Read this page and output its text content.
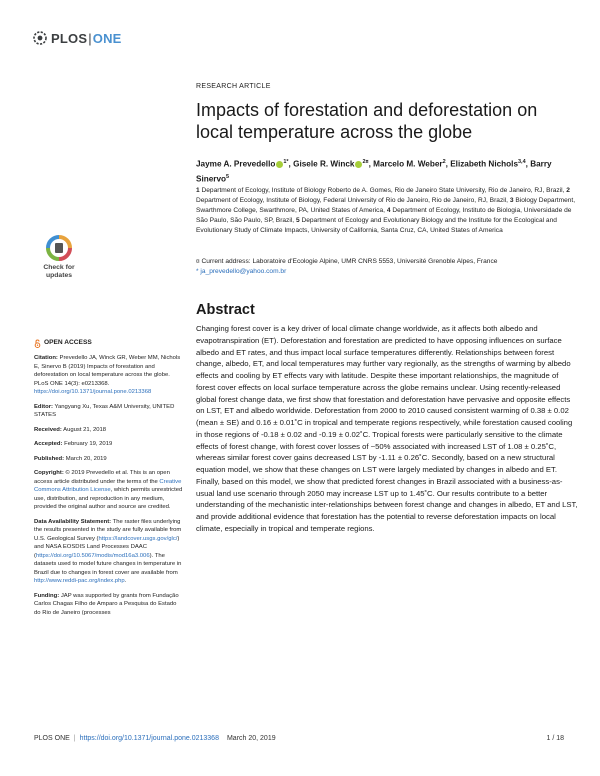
PLOS|ONE
RESEARCH ARTICLE
Impacts of forestation and deforestation on local temperature across the globe
Jayme A. Prevedello $^{1*}$, Gisele R. Winck $^{2¤}$, Marcelo M. Weber$^2$, Elizabeth Nichols$^{3,4}$, Barry Sinervo$^5$
1 Department of Ecology, Institute of Biology Roberto de A. Gomes, Rio de Janeiro State University, Rio de Janeiro, RJ, Brazil, 2 Department of Ecology, Institute of Biology, Federal University of Rio de Janeiro, Rio de Janeiro, RJ, Brazil, 3 Biology Department, Swarthmore College, Swarthmore, PA, United States of America, 4 Department of Ecology, Instituto de Biologia, Universidade de São Paulo, São Paulo, SP, Brazil, 5 Department of Ecology and Evolutionary Biology and the Institute for the Ecological and Evolutionary Study of Climate Impacts, University of California, Santa Cruz, CA, United States of America
¤ Current address: Laboratoire d'Ecologie Alpine, UMR CNRS 5553, Université Grenoble Alpes, France
* ja_prevedello@yahoo.com.br
Check for
updates
OPEN ACCESS
Citation: Prevedello JA, Winck GR, Weber MM, Nichols E, Sinervo B (2019) Impacts of forestation and deforestation on local temperature across the globe. PLoS ONE 14(3): e0213368. https://doi.org/10.1371/journal.pone.0213368
Editor: Yangyang Xu, Texas A&M University, UNITED STATES
Received: August 21, 2018
Accepted: February 19, 2019
Published: March 20, 2019
Copyright: © 2019 Prevedello et al. This is an open access article distributed under the terms of the Creative Commons Attribution License, which permits unrestricted use, distribution, and reproduction in any medium, provided the original author and source are credited.
Data Availability Statement: The raster files underlying the results presented in the study are fully available from U.S. Geological Survey (https://landcover.usgs.gov/glc/) and NASA EOSDIS Land Processes DAAC (https://doi.org/10.5067/modis/mod16a3.006). The datasets used to model future changes in temperature in Brazil due to changes in forest cover are available from http://www.reddi-pac.org/index.php.
Funding: JAP was supported by grants from Fundação Carlos Chagas Filho de Amparo a Pesquisa do Estado do Rio de Janeiro (processes
Abstract

Changing forest cover is a key driver of local climate change worldwide, as it affects both albedo and evapotranspiration (ET). Deforestation and forestation are predicted to have opposing influences on surface albedo and ET rates, and thus impact local surface temperatures differently. Relationships between forest change, albedo, ET, and local temperatures may further vary regionally, as the strengths of warming by albedo effects and cooling by ET effects vary with latitude. Despite these important relationships, the magnitude of forest cover effects on local surface temperature across the globe remains unclear. Using recently-released global forest change data, we first show that forestation and deforestation have pervasive and opposite effects on LST, ET and albedo worldwide. Deforestation from 2000 to 2010 caused consistent warming of 0.38 ± 0.02 (mean ± SE) and 0.16 ± 0.01˚C in tropical and temperate regions respectively, while forestation caused cooling in those regions of -0.18 ± 0.02 and -0.19 ± 0.02˚C. Tropical forests were particularly sensitive to the climate effects of forest change, with forest cover losses of ~50% associated with increased LST of 1.08 ± 0.25˚C, whereas similar forest cover gains decreased LST by -1.11 ± 0.26˚C. Secondly, based on a new structural equation model, we show that these changes on LST were largely mediated by changes in albedo and ET. Finally, based on this model, we show that predicted forest changes in Brazil associated with a business-as-usual land use scenario through 2050 may increase LST up to 1.45˚C. Our results contribute to a better understanding of the mechanistic inter-relationships between forest change and changes in albedo, ET and LST, and provide additional evidence that forestation has the potential to reverse deforestation impacts on local climate, especially in tropical and temperate regions.

PLOS ONE | https://doi.org/10.1371/journal.pone.0213368 March 20, 2019	1 / 18
